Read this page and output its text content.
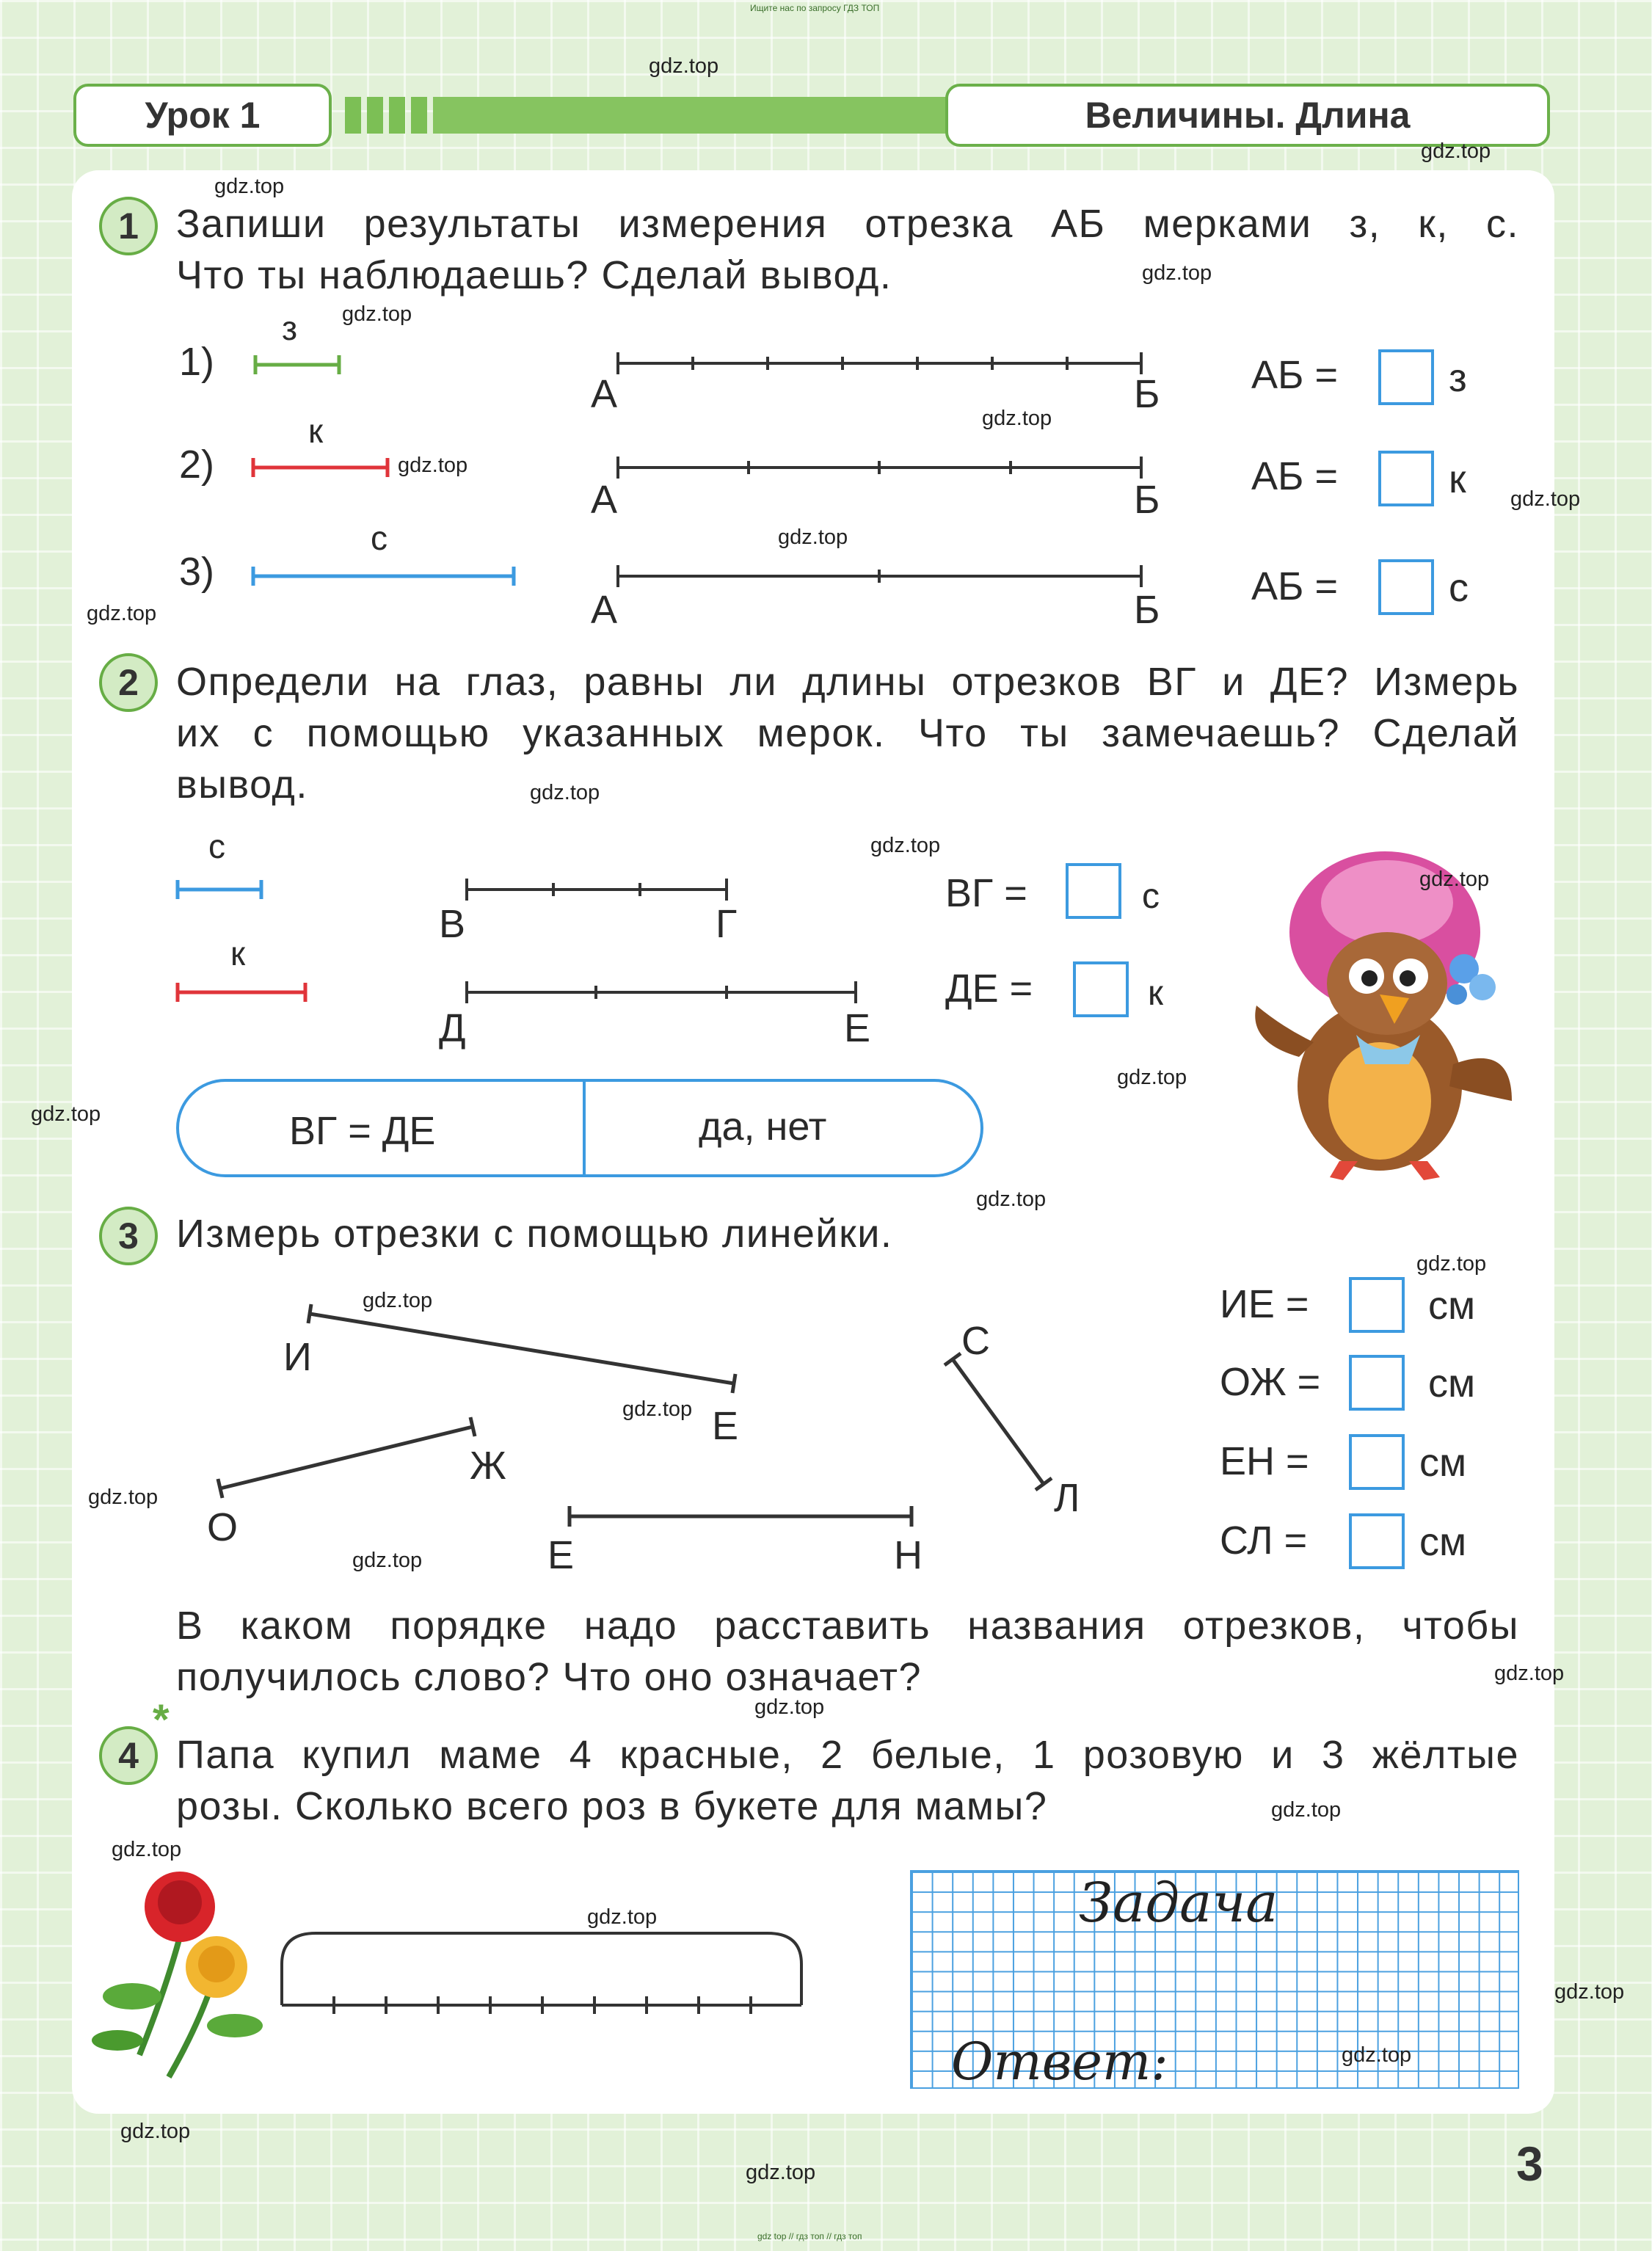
Ищите нас по запросу ГДЗ ТОП
gdz top // гдз топ // гдз топ
Урок 1	Величины. Длина
1 Запиши результаты измерения отрезка АБ мерками з, к, с.
Что ты наблюдаешь? Сделай вывод.
1)
з
А	Б АБ =	з
2)
к
А	Б
АБ =	к
3)
с
А	Б
АБ =	с
2 Определи на глаз, равны ли длины отрезков ВГ и ДЕ? Измерь
их с помощью указанных мерок. Что ты замечаешь? Сделай
вывод.
с
к
В	Г
Д	Е
ВГ =	с
ДЕ =	к
ВГ = ДЕ	да, нет
3 Измерь отрезки с помощью линейки.
И
Е
Ж
О
Е	Н
С
Л
ИЕ =	см
ОЖ =	см
ЕН =	см
СЛ =	см
В каком порядке надо расставить названия отрезков, чтобы
получилось слово? Что оно означает?
4
*
Папа купил маме 4 красные, 2 белые, 1 розовую и 3 жёлтые
розы. Сколько всего роз в букете для мамы?
Задача
Ответ:
3
gdz.top
gdz.top
gdz.top
gdz.top
gdz.top
gdz.top
gdz.top
gdz.top
gdz.top
gdz.top
gdz.top
gdz.top
gdz.top
gdz.top
gdz.top
gdz.top
gdz.top
gdz.top
gdz.top
gdz.top
gdz.top
gdz.top
gdz.top
gdz.top
gdz.top
gdz.top
gdz.top
gdz.top
gdz.top
gdz.top
